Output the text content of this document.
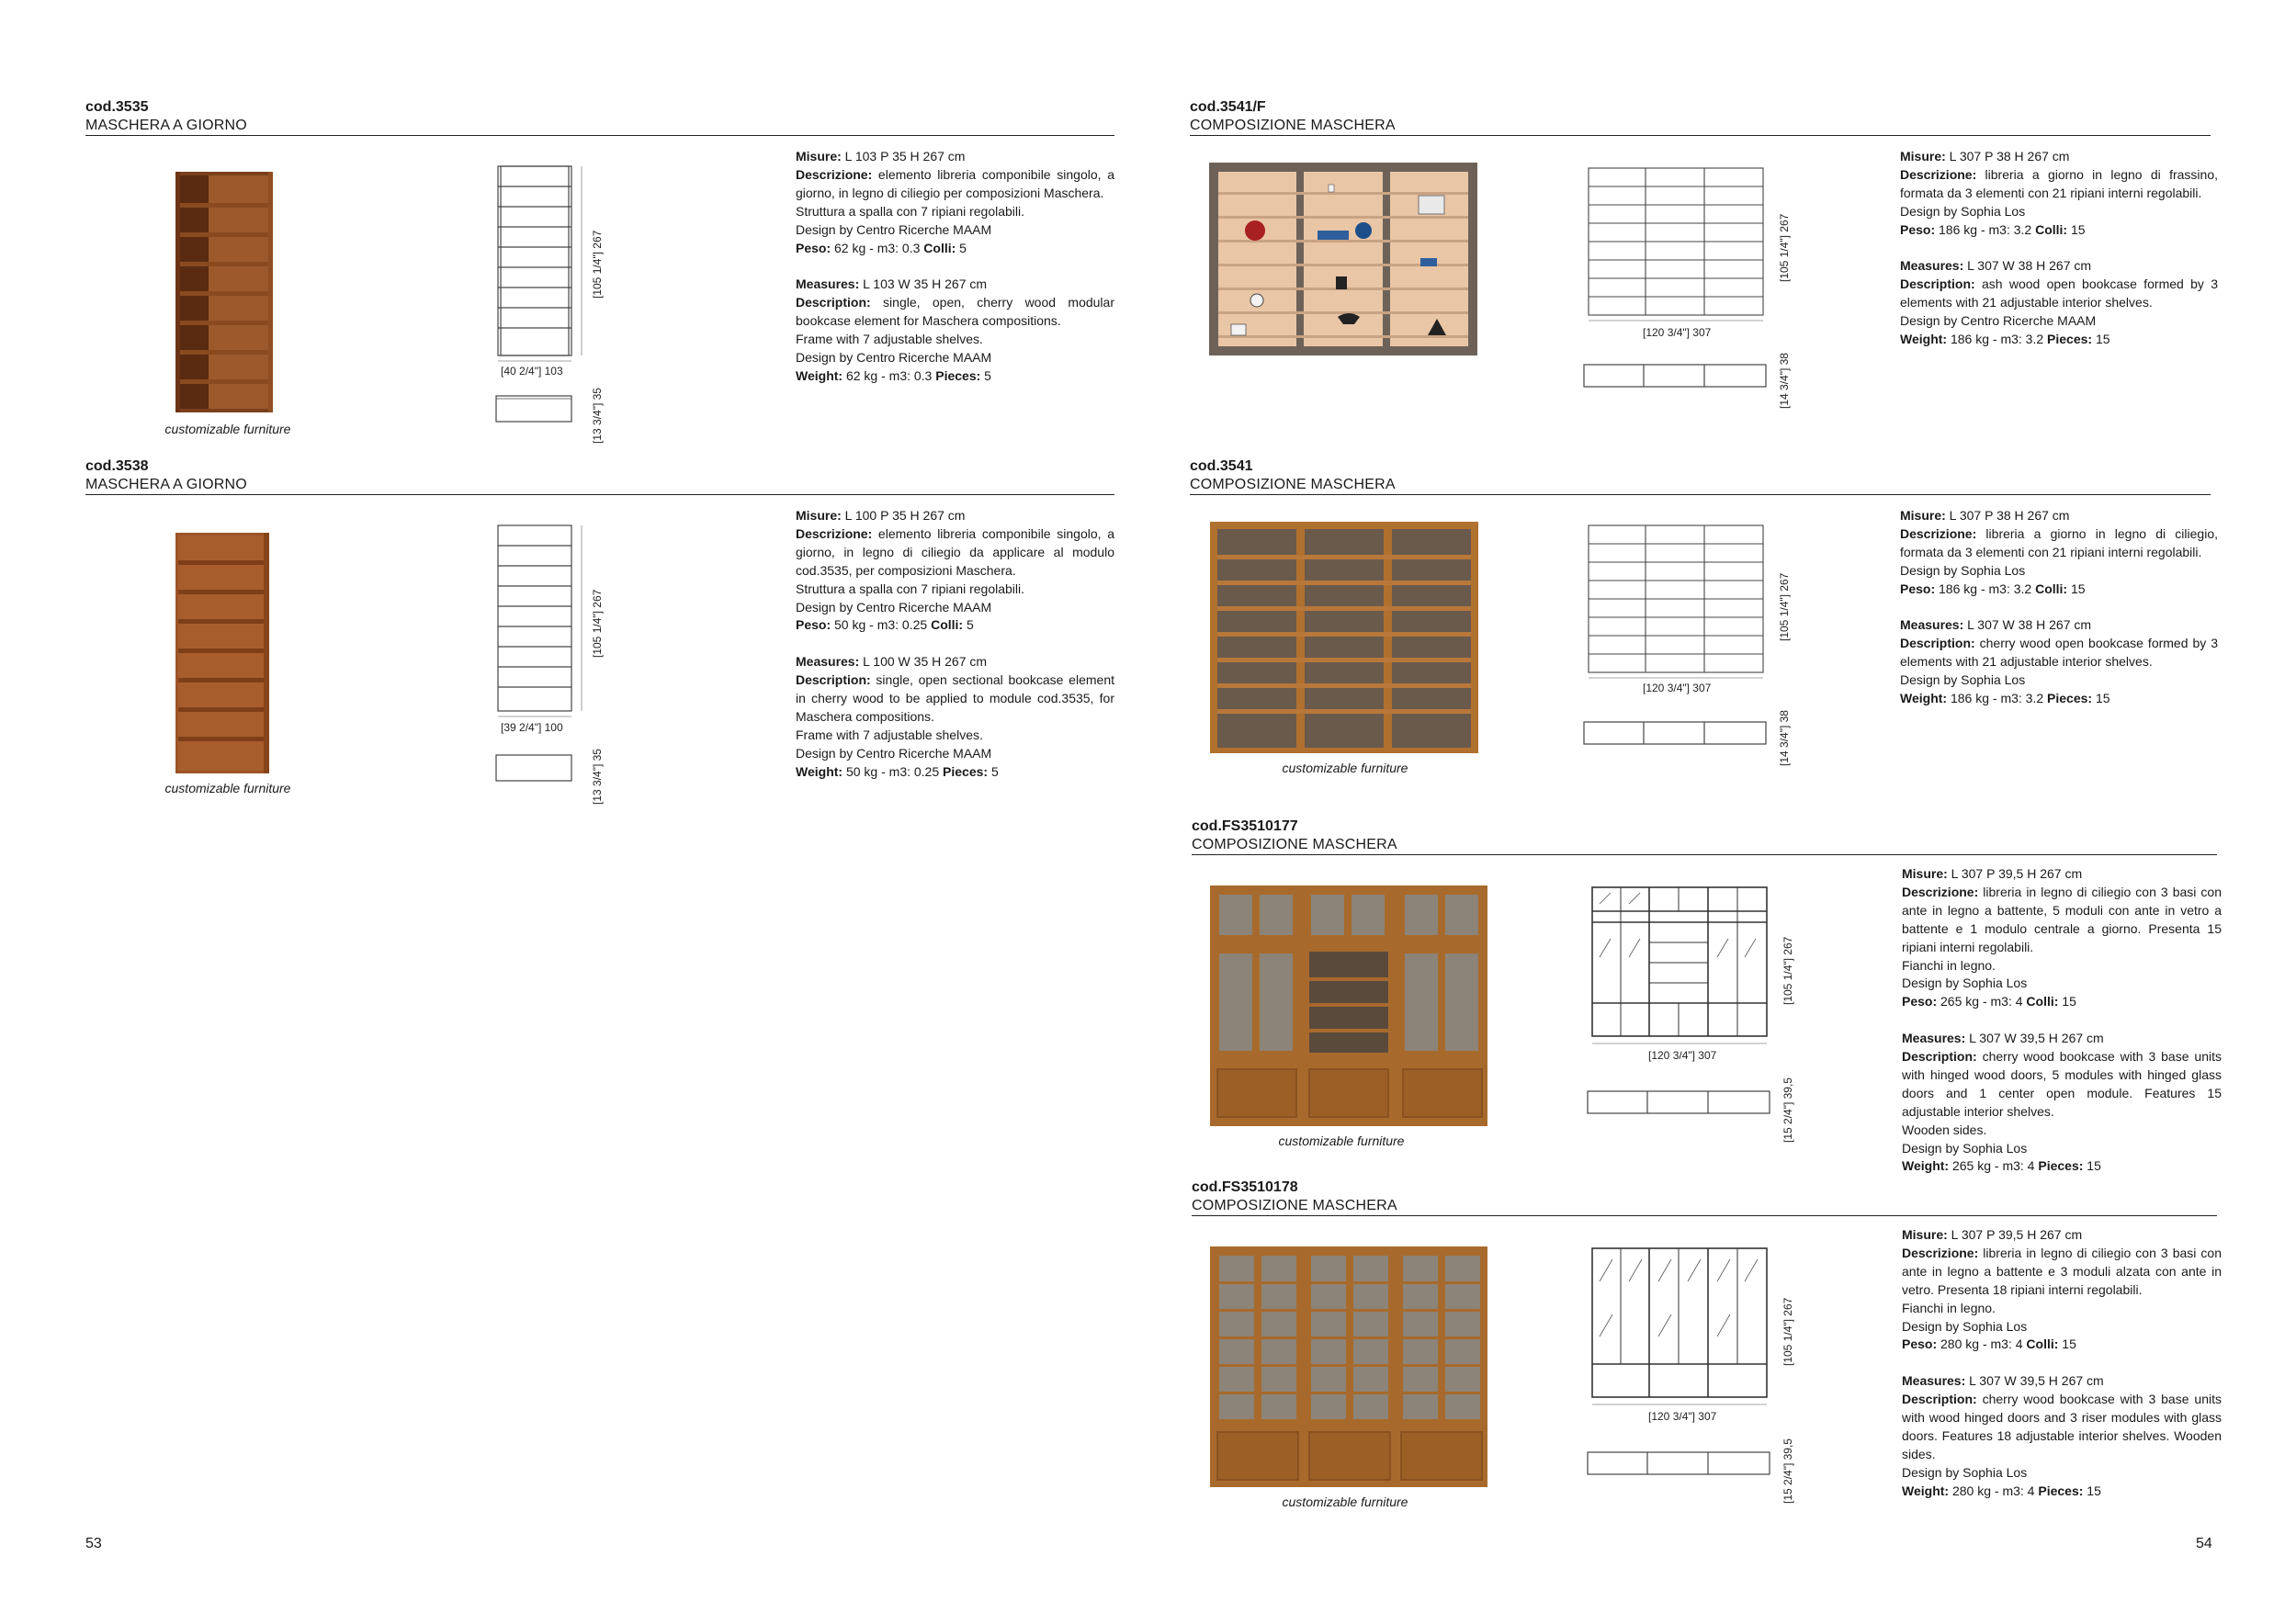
cod.3535
MASCHERA A GIORNO
customizable furniture
[105 1/4"] 267
[40 2/4"] 103
[13 3/4"] 35

Misure: L 103 P 35 H 267 cm

Descrizione: elemento libreria componibile singolo, a giorno, in legno di ciliegio per composizioni Maschera.

Struttura a spalla con 7 ripiani regolabili.

Design by Centro Ricerche MAAM

Peso: 62 kg - m3: 0.3 Colli: 5

Measures: L 103 W 35 H 267 cm

Description: single, open, cherry wood modular bookcase element for Maschera compositions.

Frame with 7 adjustable shelves.

Design by Centro Ricerche MAAM

Weight: 62 kg - m3: 0.3 Pieces: 5

cod.3538
MASCHERA A GIORNO
customizable furniture
[105 1/4"] 267
[39 2/4"] 100
[13 3/4"] 35

Misure: L 100 P 35 H 267 cm

Descrizione: elemento libreria componibile singolo, a giorno, in legno di ciliegio da applicare al modulo cod.3535, per composizioni Maschera.

Struttura a spalla con 7 ripiani regolabili.

Design by Centro Ricerche MAAM

Peso: 50 kg - m3: 0.25 Colli: 5

Measures: L 100 W 35 H 267 cm

Description: single, open sectional bookcase element in cherry wood to be applied to module cod.3535, for Maschera compositions.

Frame with 7 adjustable shelves.

Design by Centro Ricerche MAAM

Weight: 50 kg - m3: 0.25 Pieces: 5

cod.3541/F
COMPOSIZIONE MASCHERA
[105 1/4"] 267
[120 3/4"] 307
[14 3/4"] 38

Misure: L 307 P 38 H 267 cm

Descrizione: libreria a giorno in legno di frassino, formata da 3 elementi con 21 ripiani interni regolabili.

Design by Sophia Los

Peso: 186 kg - m3: 3.2 Colli: 15

Measures: L 307 W 38 H 267 cm

Description: ash wood open bookcase formed by 3 elements with 21 adjustable interior shelves.

Design by Centro Ricerche MAAM

Weight: 186 kg - m3: 3.2 Pieces: 15

cod.3541
COMPOSIZIONE MASCHERA
customizable furniture
[105 1/4"] 267
[120 3/4"] 307
[14 3/4"] 38

Misure: L 307 P 38 H 267 cm

Descrizione: libreria a giorno in legno di ciliegio, formata da 3 elementi con 21 ripiani interni regolabili.

Design by Sophia Los

Peso: 186 kg - m3: 3.2 Colli: 15

Measures: L 307 W 38 H 267 cm

Description: cherry wood open bookcase formed by 3 elements with 21 adjustable interior shelves.

Design by Sophia Los

Weight: 186 kg - m3: 3.2 Pieces: 15

cod.FS3510177
COMPOSIZIONE MASCHERA
customizable furniture
[105 1/4"] 267
[120 3/4"] 307
[15 2/4"] 39,5

Misure: L 307 P 39,5 H 267 cm

Descrizione: libreria in legno di ciliegio con 3 basi con ante in legno a battente, 5 moduli con ante in vetro a battente e 1 modulo centrale a giorno. Presenta 15 ripiani interni regolabili.

Fianchi in legno.

Design by Sophia Los

Peso: 265 kg - m3: 4 Colli: 15

Measures: L 307 W 39,5 H 267 cm

Description: cherry wood bookcase with 3 base units with hinged wood doors, 5 modules with hinged glass doors and 1 center open module. Features 15 adjustable interior shelves.

Wooden sides.

Design by Sophia Los

Weight: 265 kg - m3: 4 Pieces: 15

cod.FS3510178
COMPOSIZIONE MASCHERA
customizable furniture
[105 1/4"] 267
[120 3/4"] 307
[15 2/4"] 39,5

Misure: L 307 P 39,5 H 267 cm

Descrizione: libreria in legno di ciliegio con 3 basi con ante in legno a battente e 3 moduli alzata con ante in vetro. Presenta 18 ripiani interni regolabili.

Fianchi in legno.

Design by Sophia Los

Peso: 280 kg - m3: 4 Colli: 15

Measures: L 307 W 39,5 H 267 cm

Description: cherry wood bookcase with 3 base units with wood hinged doors and 3 riser modules with glass doors. Features 18 adjustable interior shelves. Wooden sides.

Design by Sophia Los

Weight: 280 kg - m3: 4 Pieces: 15

53	54
